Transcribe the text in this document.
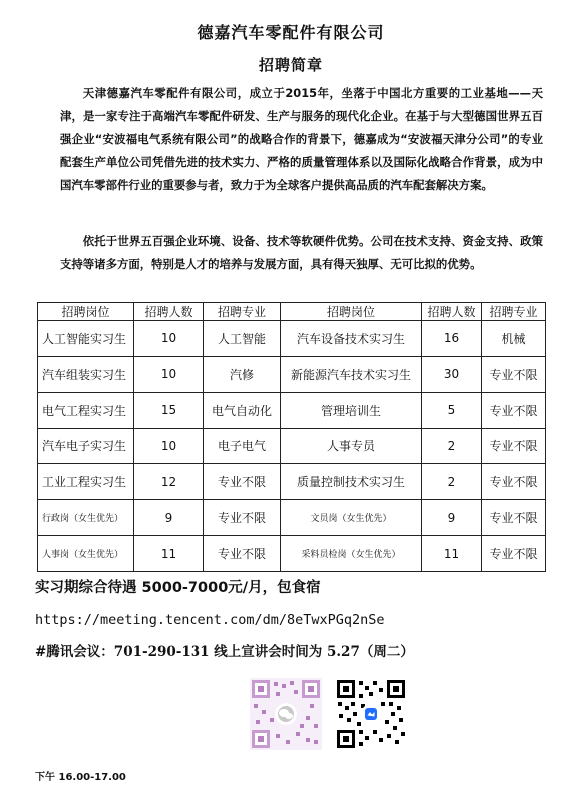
德嘉汽车零配件有限公司
招聘简章

天津德嘉汽车零配件有限公司，成立于2015年，坐落于中国北方重要的工业基地——天津，是一家专注于高端汽车零配件研发、生产与服务的现代化企业。在基于与大型德国世界五百强企业“安波福电气系统有限公司”的战略合作的背景下，德嘉成为“安波福天津分公司”的专业配套生产单位公司凭借先进的技术实力、严格的质量管理体系以及国际化战略合作背景，成为中国汽车零部件行业的重要参与者，致力于为全球客户提供高品质的汽车配套解决方案。

依托于世界五百强企业环境、设备、技术等软硬件优势。公司在技术支持、资金支持、政策支持等诸多方面，特别是人才的培养与发展方面，具有得天独厚、无可比拟的优势。

招聘岗位	招聘人数	招聘专业	招聘岗位	招聘人数	招聘专业
人工智能实习生	10	人工智能	汽车设备技术实习生	16	机械
汽车组装实习生	10	汽修	新能源汽车技术实习生	30	专业不限
电气工程实习生	15	电气自动化	管理培训生	5	专业不限
汽车电子实习生	10	电子电气	人事专员	2	专业不限
工业工程实习生	12	专业不限	质量控制技术实习生	2	专业不限
行政岗（女生优先）	9	专业不限	文员岗（女生优先）	9	专业不限
人事岗（女生优先）	11	专业不限	采料员检岗（女生优先）	11	专业不限
实习期综合待遇 5000-7000元/月，包食宿
https://meeting.tencent.com/dm/8eTwxPGq2nSe
#腾讯会议：701-290-131 线上宣讲会时间为 5.27（周二）
下午 16.00-17.00
